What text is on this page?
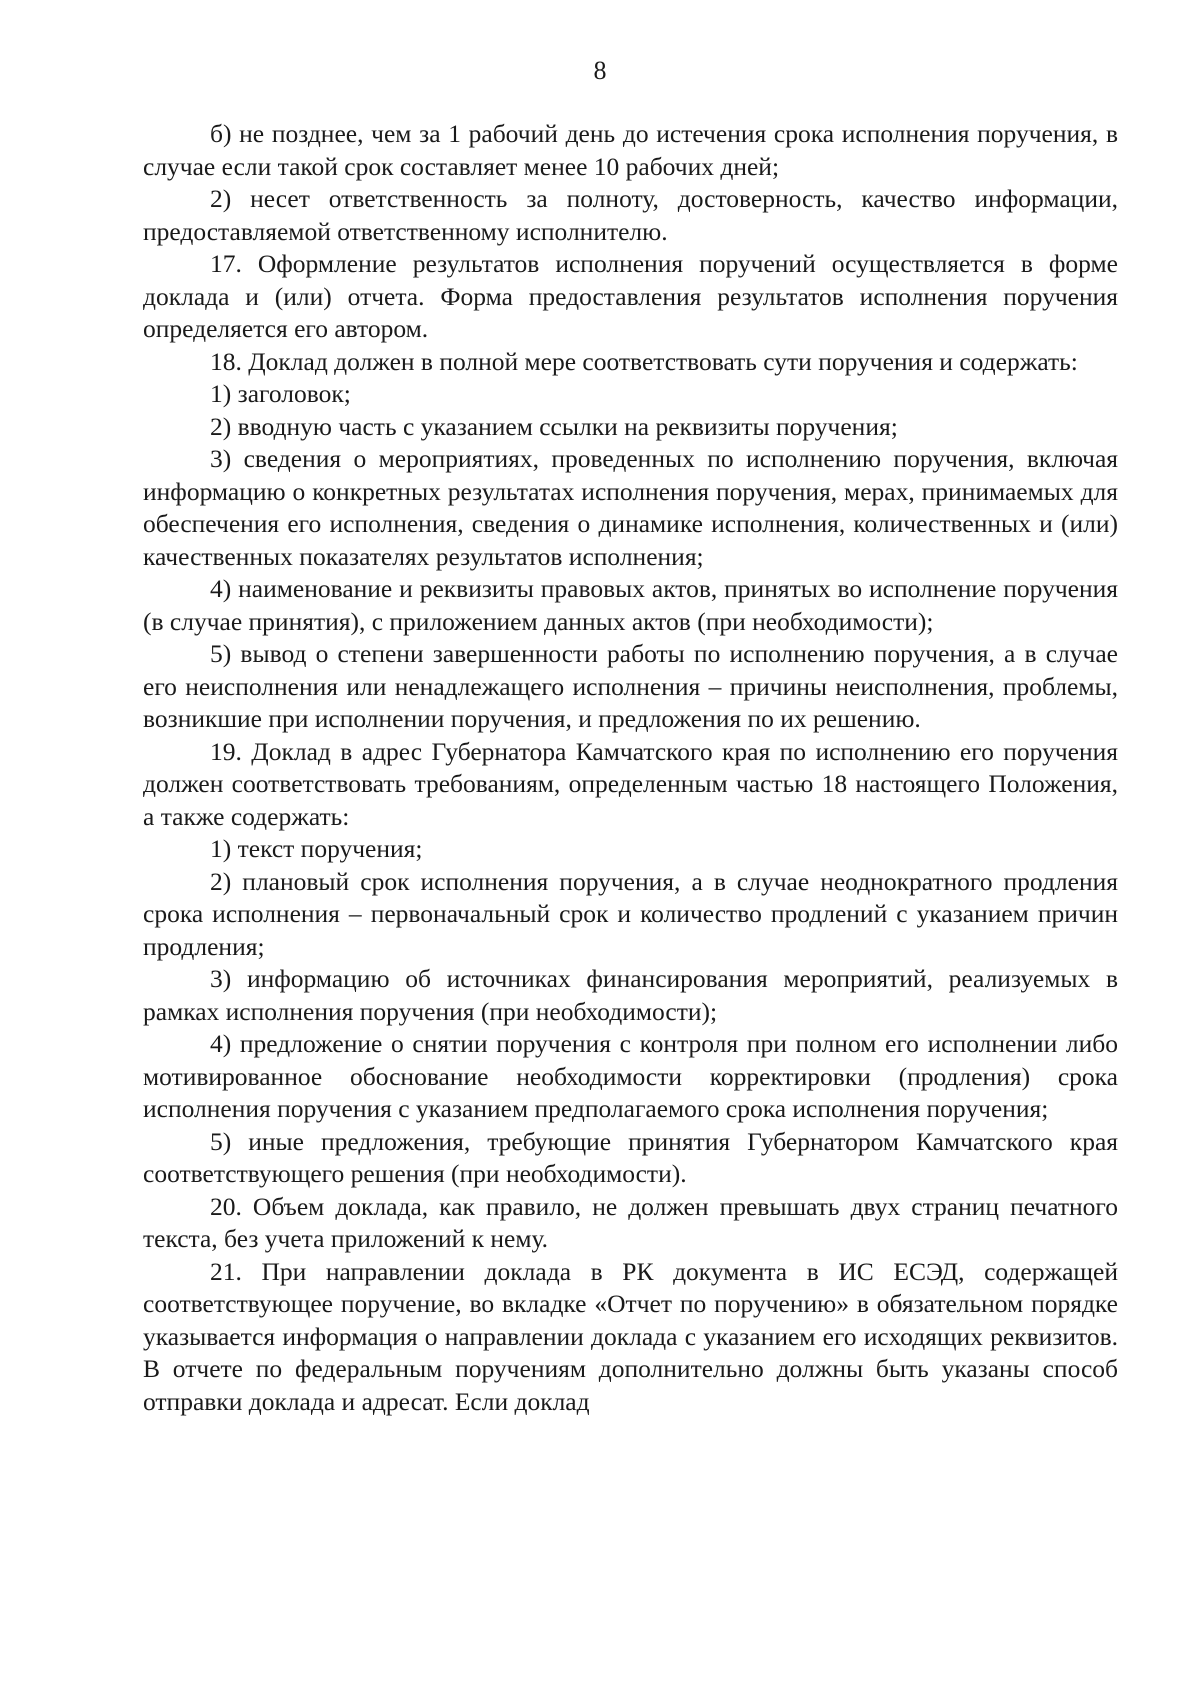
8

б) не позднее, чем за 1 рабочий день до истечения срока исполнения поручения, в случае если такой срок составляет менее 10 рабочих дней;

2) несет ответственность за полноту, достоверность, качество информации, предоставляемой ответственному исполнителю.

17. Оформление результатов исполнения поручений осуществляется в форме доклада и (или) отчета. Форма предоставления результатов исполнения поручения определяется его автором.

18. Доклад должен в полной мере соответствовать сути поручения и содержать:

1) заголовок;

2) вводную часть с указанием ссылки на реквизиты поручения;

3) сведения о мероприятиях, проведенных по исполнению поручения, включая информацию о конкретных результатах исполнения поручения, мерах, принимаемых для обеспечения его исполнения, сведения о динамике исполнения, количественных и (или) качественных показателях результатов исполнения;

4) наименование и реквизиты правовых актов, принятых во исполнение поручения (в случае принятия), с приложением данных актов (при необходимости);

5) вывод о степени завершенности работы по исполнению поручения, а в случае его неисполнения или ненадлежащего исполнения – причины неисполнения, проблемы, возникшие при исполнении поручения, и предложения по их решению.

19. Доклад в адрес Губернатора Камчатского края по исполнению его поручения должен соответствовать требованиям, определенным частью 18 настоящего Положения, а также содержать:

1) текст поручения;

2) плановый срок исполнения поручения, а в случае неоднократного продления срока исполнения – первоначальный срок и количество продлений с указанием причин продления;

3) информацию об источниках финансирования мероприятий, реализуемых в рамках исполнения поручения (при необходимости);

4) предложение о снятии поручения с контроля при полном его исполнении либо мотивированное обоснование необходимости корректировки (продления) срока исполнения поручения с указанием предполагаемого срока исполнения поручения;

5) иные предложения, требующие принятия Губернатором Камчатского края соответствующего решения (при необходимости).

20. Объем доклада, как правило, не должен превышать двух страниц печатного текста, без учета приложений к нему.

21. При направлении доклада в РК документа в ИС ЕСЭД, содержащей соответствующее поручение, во вкладке «Отчет по поручению» в обязательном порядке указывается информация о направлении доклада с указанием его исходящих реквизитов. В отчете по федеральным поручениям дополнительно должны быть указаны способ отправки доклада и адресат. Если доклад
